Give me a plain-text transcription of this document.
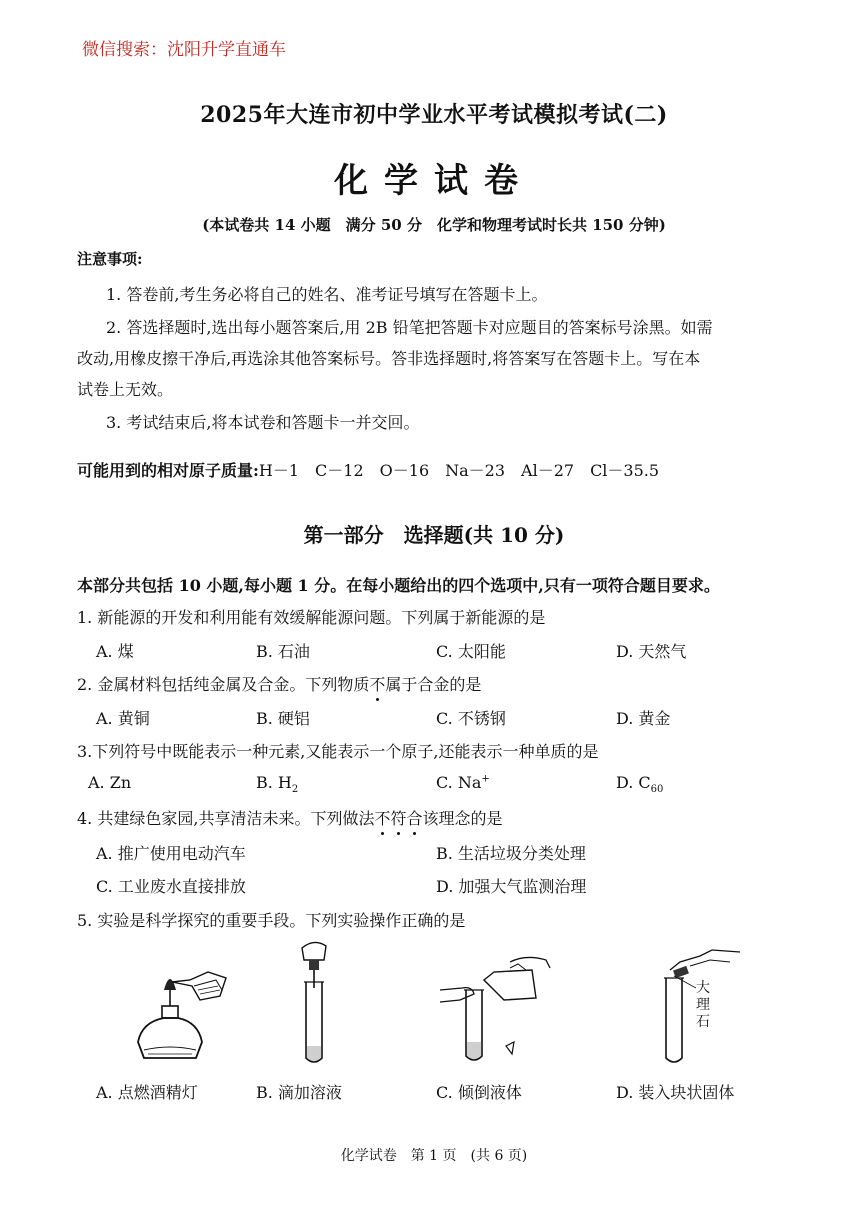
微信搜索：沈阳升学直通车
2025年大连市初中学业水平考试模拟考试(二)
化学试卷
(本试卷共 14 小题　满分 50 分　化学和物理考试时长共 150 分钟)
注意事项:
1. 答卷前,考生务必将自己的姓名、准考证号填写在答题卡上。
2. 答选择题时,选出每小题答案后,用 2B 铅笔把答题卡对应题目的答案标号涂黑。如需
改动,用橡皮擦干净后,再选涂其他答案标号。答非选择题时,将答案写在答题卡上。写在本
试卷上无效。
3. 考试结束后,将本试卷和答题卡一并交回。
可能用到的相对原子质量:H－1　C－12　O－16　Na－23　Al－27　Cl－35.5
第一部分　选择题(共 10 分)
本部分共包括 10 小题,每小题 1 分。在每小题给出的四个选项中,只有一项符合题目要求。
1. 新能源的开发和利用能有效缓解能源问题。下列属于新能源的是
A. 煤	B. 石油	C. 太阳能	D. 天然气
2. 金属材料包括纯金属及合金。下列物质不属于合金的是
A. 黄铜	B. 硬铝	C. 不锈钢	D. 黄金
3.下列符号中既能表示一种元素,又能表示一个原子,还能表示一种单质的是
A. Zn	B. $H_2$	C. Na+	D. $C_{60}$
4. 共建绿色家园,共享清洁未来。下列做法不符合该理念的是
A. 推广使用电动汽车	B. 生活垃圾分类处理
C. 工业废水直接排放	D. 加强大气监测治理
5. 实验是科学探究的重要手段。下列实验操作正确的是
大理石
A. 点燃酒精灯	B. 滴加溶液	C. 倾倒液体	D. 装入块状固体
化学试卷　第 1 页　(共 6 页)
